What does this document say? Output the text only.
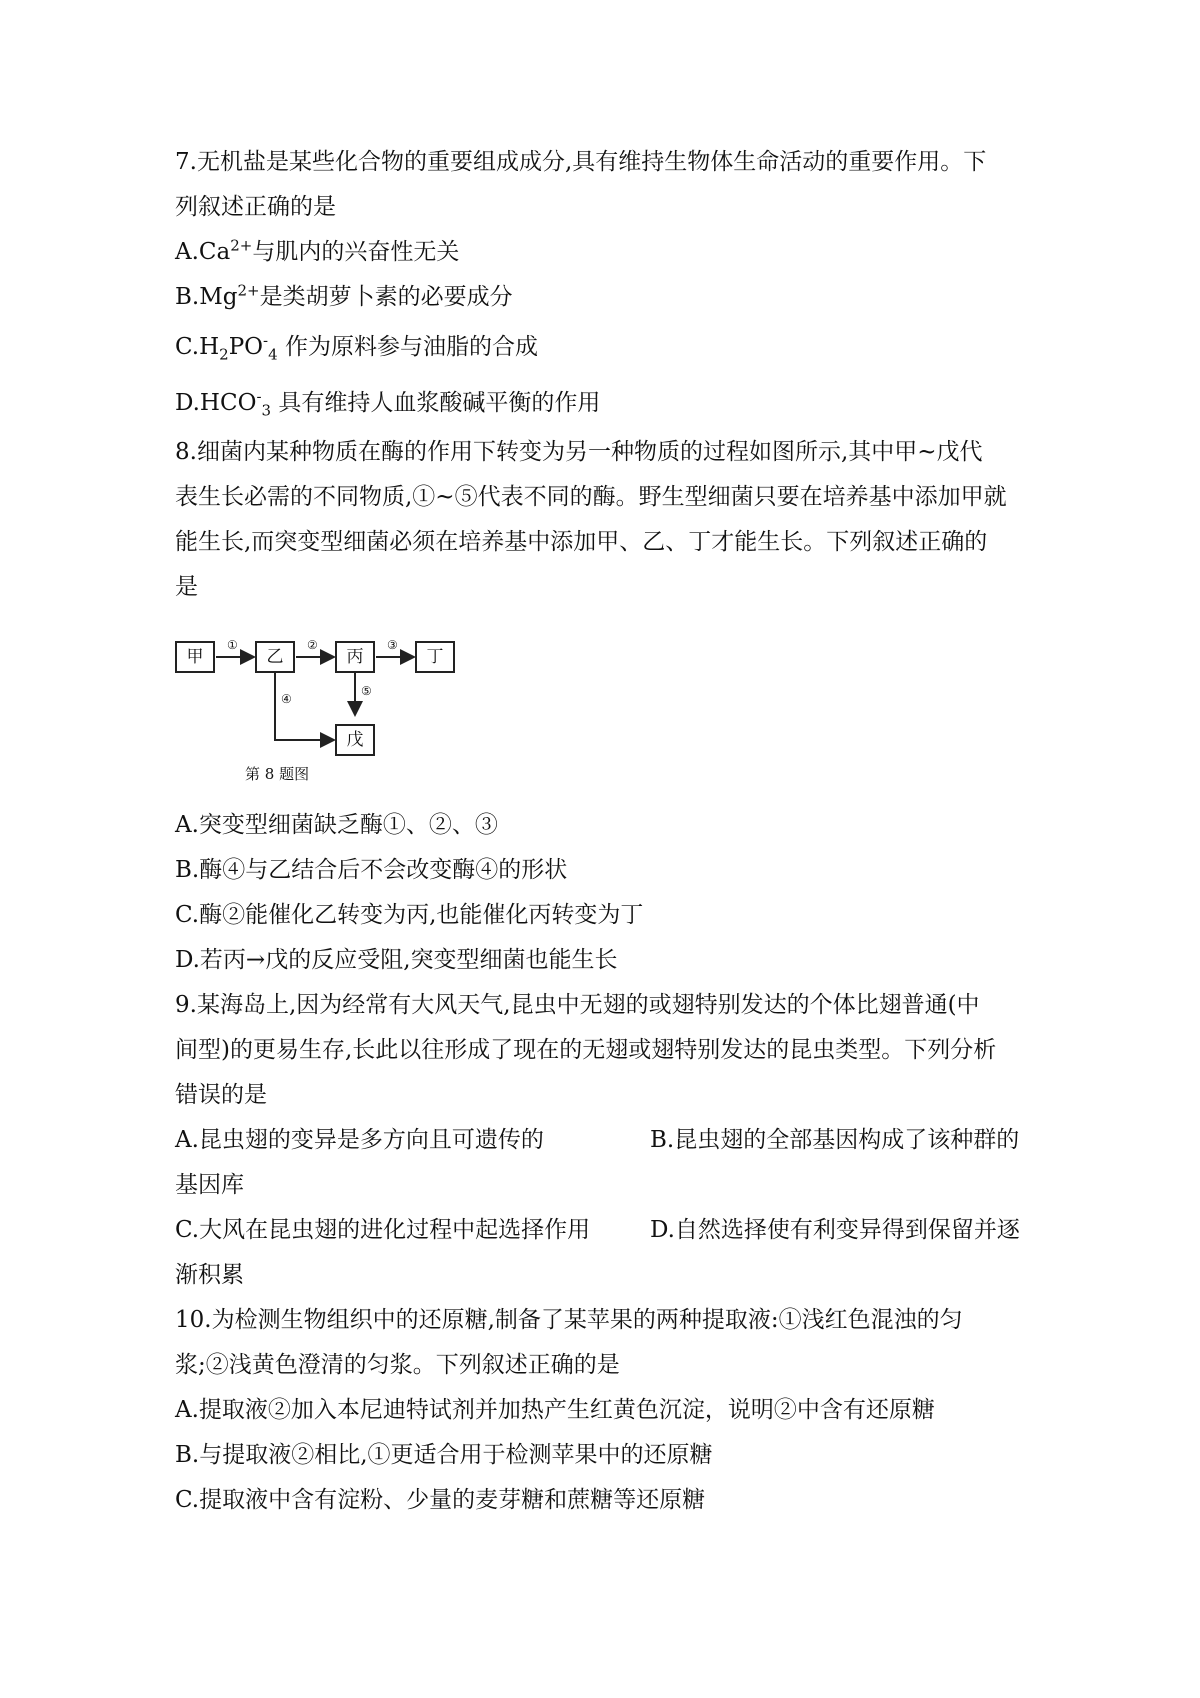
7.无机盐是某些化合物的重要组成成分,具有维持生物体生命活动的重要作用。下
列叙述正确的是
$A.Ca^{2+}$与肌内的兴奋性无关
$B.Mg^{2+}$是类胡萝卜素的必要成分
$C.H_2PO^-_4$ 作为原料参与油脂的合成
$D.HCO^-_3$ 具有维持人血浆酸碱平衡的作用
8.细菌内某种物质在酶的作用下转变为另一种物质的过程如图所示,其中甲~戊代
表生长必需的不同物质,①~⑤代表不同的酶。野生型细菌只要在培养基中添加甲就
能生长,而突变型细菌必须在培养基中添加甲、乙、丁才能生长。下列叙述正确的
是
甲	乙	丙	丁
戊
①	②	③
④
⑤
第 8 题图
A.突变型细菌缺乏酶①、②、③
B.酶④与乙结合后不会改变酶④的形状
C.酶②能催化乙转变为丙,也能催化丙转变为丁
D.若丙→戊的反应受阻,突变型细菌也能生长
9.某海岛上,因为经常有大风天气,昆虫中无翅的或翅特别发达的个体比翅普通(中
间型)的更易生存,长此以往形成了现在的无翅或翅特别发达的昆虫类型。下列分析
错误的是
A.昆虫翅的变异是多方向且可遗传的	B.昆虫翅的全部基因构成了该种群的
基因库
C.大风在昆虫翅的进化过程中起选择作用	D.自然选择使有利变异得到保留并逐
渐积累
10.为检测生物组织中的还原糖,制备了某苹果的两种提取液:①浅红色混浊的匀
浆;②浅黄色澄清的匀浆。下列叙述正确的是
A.提取液②加入本尼迪特试剂并加热产生红黄色沉淀，说明②中含有还原糖
B.与提取液②相比,①更适合用于检测苹果中的还原糖
C.提取液中含有淀粉、少量的麦芽糖和蔗糖等还原糖
